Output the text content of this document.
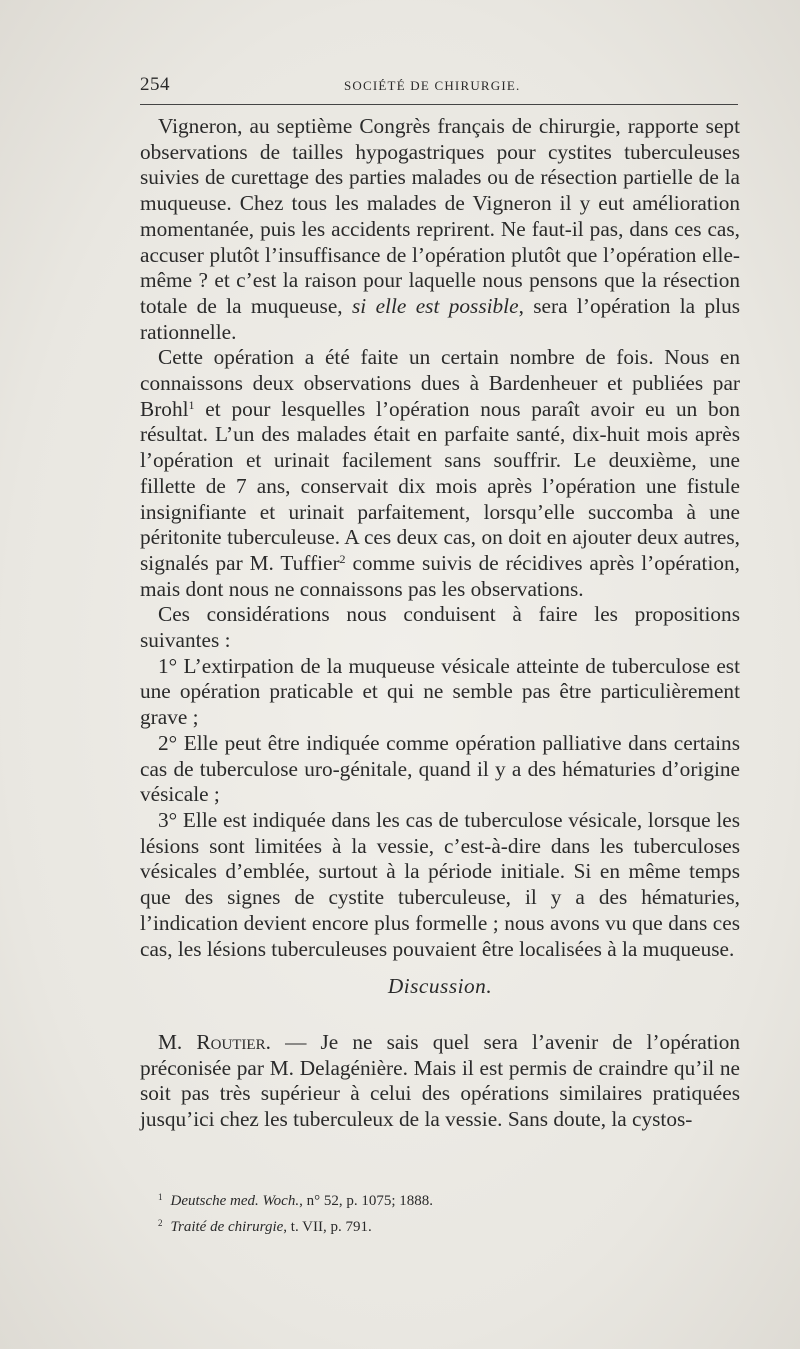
254	SOCIÉTÉ DE CHIRURGIE.

Vigneron, au septième Congrès français de chirurgie, rapporte sept observations de tailles hypogastriques pour cystites tuberculeuses suivies de curettage des parties malades ou de résection partielle de la muqueuse. Chez tous les malades de Vigneron il y eut amélioration momentanée, puis les accidents reprirent. Ne faut-il pas, dans ces cas, accuser plutôt l’insuffisance de l’opération plutôt que l’opération elle-même ? et c’est la raison pour laquelle nous pensons que la résection totale de la muqueuse, si elle est possible, sera l’opération la plus rationnelle.

Cette opération a été faite un certain nombre de fois. Nous en connaissons deux observations dues à Bardenheuer et publiées par Brohl$^1$ et pour lesquelles l’opération nous paraît avoir eu un bon résultat. L’un des malades était en parfaite santé, dix-huit mois après l’opération et urinait facilement sans souffrir. Le deuxième, une fillette de 7 ans, conservait dix mois après l’opération une fistule insignifiante et urinait parfaitement, lorsqu’elle succomba à une péritonite tuberculeuse. A ces deux cas, on doit en ajouter deux autres, signalés par M. Tuffier$^2$ comme suivis de récidives après l’opération, mais dont nous ne connaissons pas les observations.

Ces considérations nous conduisent à faire les propositions suivantes :

1° L’extirpation de la muqueuse vésicale atteinte de tuberculose est une opération praticable et qui ne semble pas être particulièrement grave ;

2° Elle peut être indiquée comme opération palliative dans certains cas de tuberculose uro-génitale, quand il y a des hématuries d’origine vésicale ;

3° Elle est indiquée dans les cas de tuberculose vésicale, lorsque les lésions sont limitées à la vessie, c’est-à-dire dans les tuberculoses vésicales d’emblée, surtout à la période initiale. Si en même temps que des signes de cystite tuberculeuse, il y a des hématuries, l’indication devient encore plus formelle ; nous avons vu que dans ces cas, les lésions tuberculeuses pouvaient être localisées à la muqueuse.

Discussion.

M. Routier. — Je ne sais quel sera l’avenir de l’opération préconisée par M. Delagénière. Mais il est permis de craindre qu’il ne soit pas très supérieur à celui des opérations similaires pratiquées jusqu’ici chez les tuberculeux de la vessie. Sans doute, la cystos-

$^1$ Deutsche med. Woch., n° 52, p. 1075; 1888.

$^2$ Traité de chirurgie, t. VII, p. 791.
